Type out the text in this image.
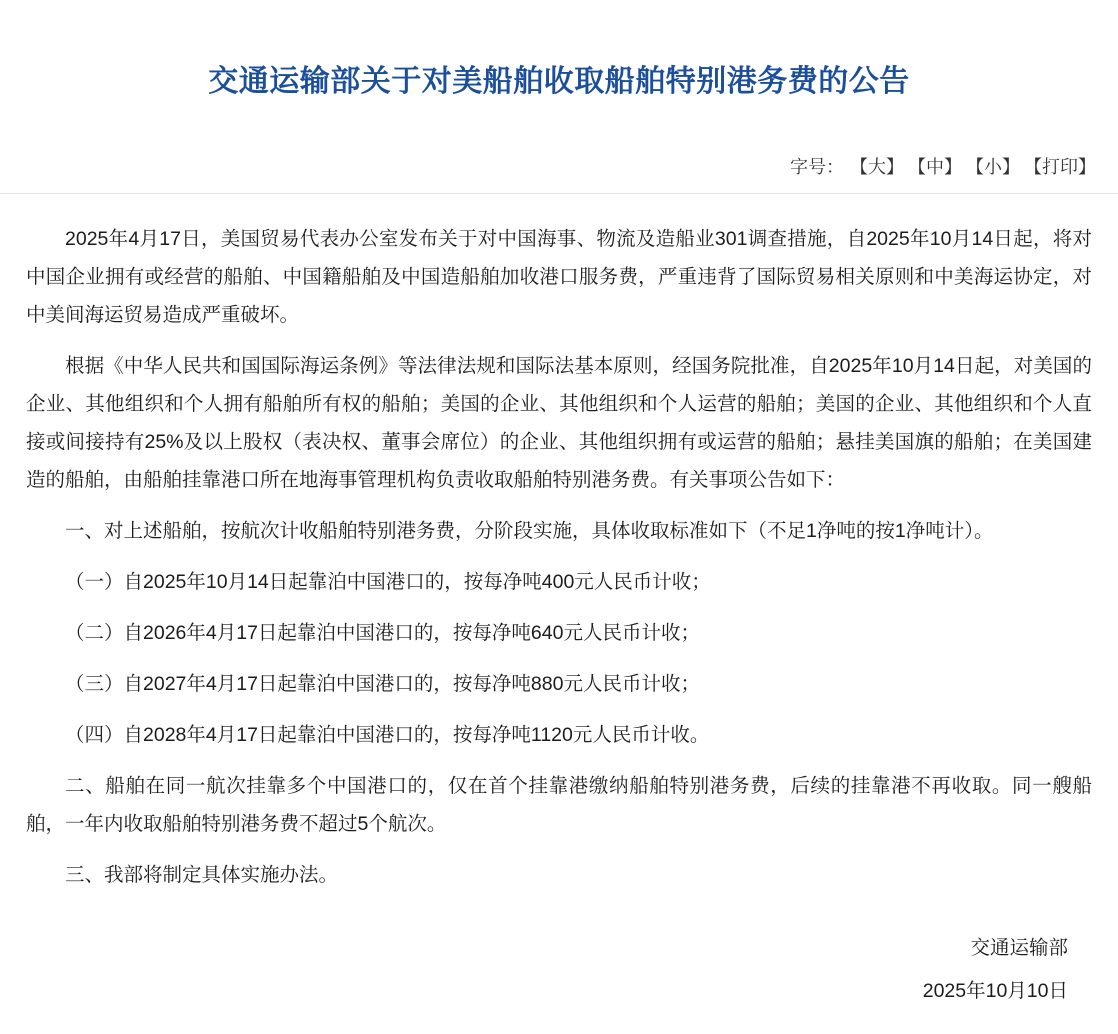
交通运输部关于对美船舶收取船舶特别港务费的公告
字号： 【大】 【中】 【小】 【打印】

2025年4月17日，美国贸易代表办公室发布关于对中国海事、物流及造船业301调查措施，自2025年10月14日起，将对中国企业拥有或经营的船舶、中国籍船舶及中国造船舶加收港口服务费，严重违背了国际贸易相关原则和中美海运协定，对中美间海运贸易造成严重破坏。

根据《中华人民共和国国际海运条例》等法律法规和国际法基本原则，经国务院批准，自2025年10月14日起，对美国的企业、其他组织和个人拥有船舶所有权的船舶；美国的企业、其他组织和个人运营的船舶；美国的企业、其他组织和个人直接或间接持有25%及以上股权（表决权、董事会席位）的企业、其他组织拥有或运营的船舶；悬挂美国旗的船舶；在美国建造的船舶，由船舶挂靠港口所在地海事管理机构负责收取船舶特别港务费。有关事项公告如下：

一、对上述船舶，按航次计收船舶特别港务费，分阶段实施，具体收取标准如下（不足1净吨的按1净吨计）。

（一）自2025年10月14日起靠泊中国港口的，按每净吨400元人民币计收；

（二）自2026年4月17日起靠泊中国港口的，按每净吨640元人民币计收；

（三）自2027年4月17日起靠泊中国港口的，按每净吨880元人民币计收；

（四）自2028年4月17日起靠泊中国港口的，按每净吨1120元人民币计收。

二、船舶在同一航次挂靠多个中国港口的，仅在首个挂靠港缴纳船舶特别港务费，后续的挂靠港不再收取。同一艘船舶，一年内收取船舶特别港务费不超过5个航次。

三、我部将制定具体实施办法。

交通运输部
2025年10月10日
